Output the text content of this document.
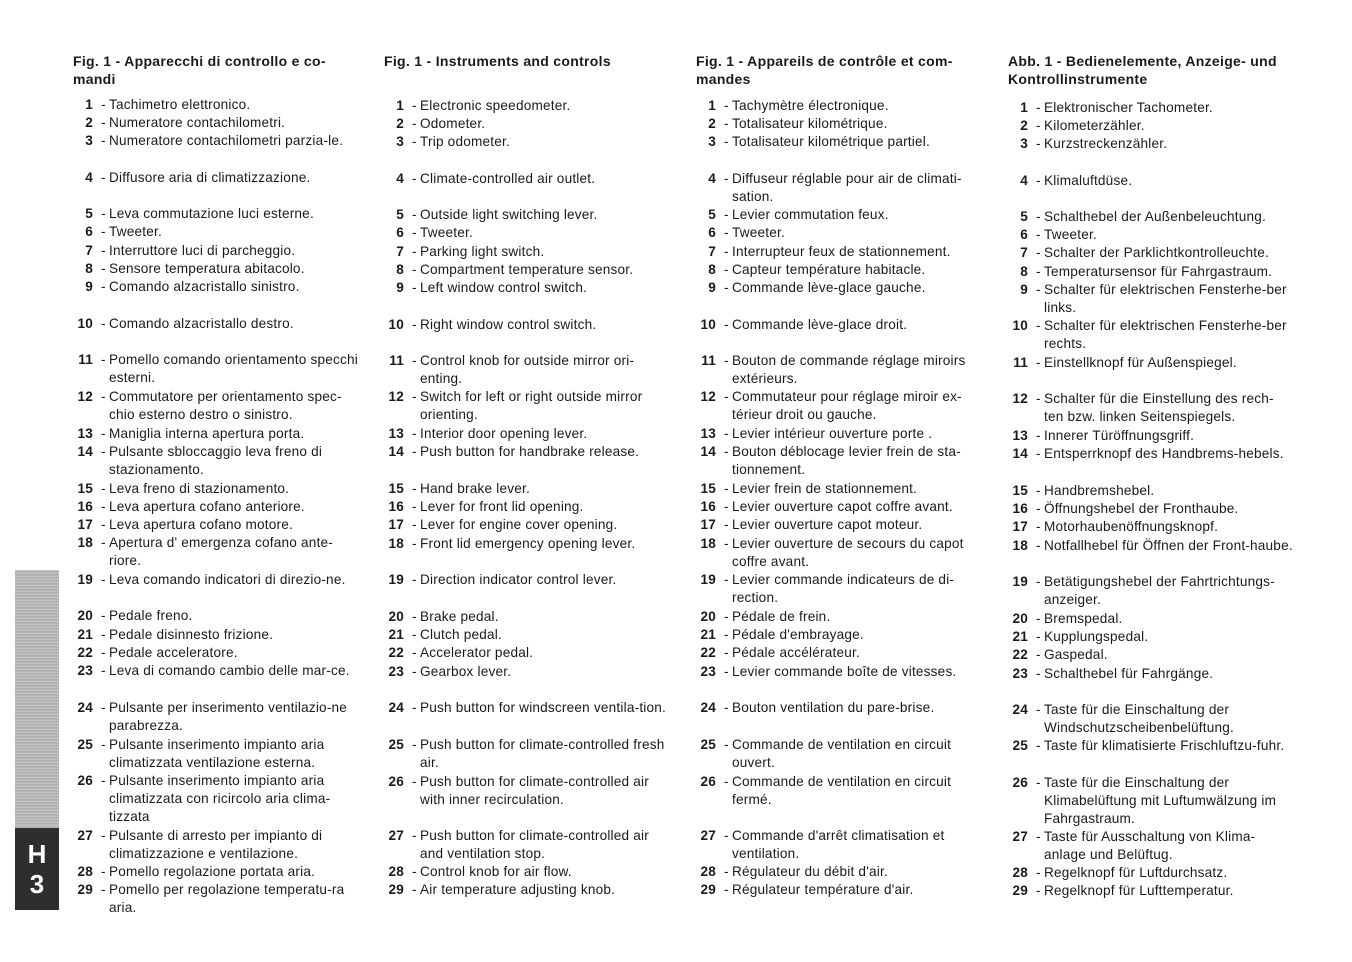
Fig. 1 - Apparecchi di controllo e co-mandi
1 - Tachimetro elettronico.
2 - Numeratore contachilometri.
3 - Numeratore contachilometri parzia-le.
4 - Diffusore aria di climatizzazione.
5 - Leva commutazione luci esterne.
6 - Tweeter.
7 - Interruttore luci di parcheggio.
8 - Sensore temperatura abitacolo.
9 - Comando alzacristallo sinistro.
10 - Comando alzacristallo destro.
11 - Pomello comando orientamento specchi esterni.
12 - Commutatore per orientamento spec-chio esterno destro o sinistro.
13 - Maniglia interna apertura porta.
14 - Pulsante sbloccaggio leva freno di stazionamento.
15 - Leva freno di stazionamento.
16 - Leva apertura cofano anteriore.
17 - Leva apertura cofano motore.
18 - Apertura d' emergenza cofano ante-riore.
19 - Leva comando indicatori di direzio-ne.
20 - Pedale freno.
21 - Pedale disinnesto frizione.
22 - Pedale acceleratore.
23 - Leva di comando cambio delle mar-ce.
24 - Pulsante per inserimento ventilazio-ne parabrezza.
25 - Pulsante inserimento impianto aria climatizzata ventilazione esterna.
26 - Pulsante inserimento impianto aria climatizzata con ricircolo aria clima-tizzata
27 - Pulsante di arresto per impianto di climatizzazione e ventilazione.
28 - Pomello regolazione portata aria.
29 - Pomello per regolazione temperatu-ra aria.
Fig. 1 - Instruments and controls
1 - Electronic speedometer.
2 - Odometer.
3 - Trip odometer.
4 - Climate-controlled air outlet.
5 - Outside light switching lever.
6 - Tweeter.
7 - Parking light switch.
8 - Compartment temperature sensor.
9 - Left window control switch.
10 - Right window control switch.
11 - Control knob for outside mirror ori-enting.
12 - Switch for left or right outside mirror orienting.
13 - Interior door opening lever.
14 - Push button for handbrake release.
15 - Hand brake lever.
16 - Lever for front lid opening.
17 - Lever for engine cover opening.
18 - Front lid emergency opening lever.
19 - Direction indicator control lever.
20 - Brake pedal.
21 - Clutch pedal.
22 - Accelerator pedal.
23 - Gearbox lever.
24 - Push button for windscreen ventila-tion.
25 - Push button for climate-controlled fresh air.
26 - Push button for climate-controlled air with inner recirculation.
27 - Push button for climate-controlled air and ventilation stop.
28 - Control knob for air flow.
29 - Air temperature adjusting knob.
Fig. 1 - Appareils de contrôle et com-mandes
1 - Tachymètre électronique.
2 - Totalisateur kilométrique.
3 - Totalisateur kilométrique partiel.
4 - Diffuseur réglable pour air de climati-sation.
5 - Levier commutation feux.
6 - Tweeter.
7 - Interrupteur feux de stationnement.
8 - Capteur température habitacle.
9 - Commande lève-glace gauche.
10 - Commande lève-glace droit.
11 - Bouton de commande réglage miroirs extérieurs.
12 - Commutateur pour réglage miroir ex-térieur droit ou gauche.
13 - Levier intérieur ouverture porte .
14 - Bouton déblocage levier frein de sta-tionnement.
15 - Levier frein de stationnement.
16 - Levier ouverture capot coffre avant.
17 - Levier ouverture capot moteur.
18 - Levier ouverture de secours du capot coffre avant.
19 - Levier commande indicateurs de di-rection.
20 - Pédale de frein.
21 - Pédale d'embrayage.
22 - Pédale accélérateur.
23 - Levier commande boîte de vitesses.
24 - Bouton ventilation du pare-brise.
25 - Commande de ventilation en circuit ouvert.
26 - Commande de ventilation en circuit fermé.
27 - Commande d'arrêt climatisation et ventilation.
28 - Régulateur du débit d'air.
29 - Régulateur température d'air.
Abb. 1 - Bedienelemente, Anzeige- und Kontrollinstrumente
1 - Elektronischer Tachometer.
2 - Kilometerzähler.
3 - Kurzstreckenzähler.
4 - Klimaluftdüse.
5 - Schalthebel der Außenbeleuchtung.
6 - Tweeter.
7 - Schalter der Parklichtkontrolleuchte.
8 - Temperatursensor für Fahrgastraum.
9 - Schalter für elektrischen Fensterhe-ber links.
10 - Schalter für elektrischen Fensterhe-ber rechts.
11 - Einstellknopf für Außenspiegel.
12 - Schalter für die Einstellung des rech-ten bzw. linken Seitenspiegels.
13 - Innerer Türöffnungsgriff.
14 - Entsperrknopf des Handbrems-hebels.
15 - Handbremshebel.
16 - Öffnungshebel der Fronthaube.
17 - Motorhaubenöffnungsknopf.
18 - Notfallhebel für Öffnen der Front-haube.
19 - Betätigungshebel der Fahrtrichtungs-anzeiger.
20 - Bremspedal.
21 - Kupplungspedal.
22 - Gaspedal.
23 - Schalthebel für Fahrgänge.
24 - Taste für die Einschaltung der Windschutzscheibenbelüftung.
25 - Taste für klimatisierte Frischluftzu-fuhr.
26 - Taste für die Einschaltung der Klimabelüftung mit Luftumwälzung im Fahrgastraum.
27 - Taste für Ausschaltung von Klima-anlage und Belüftug.
28 - Regelknopf für Luftdurchsatz.
29 - Regelknopf für Lufttemperatur.
H
3
